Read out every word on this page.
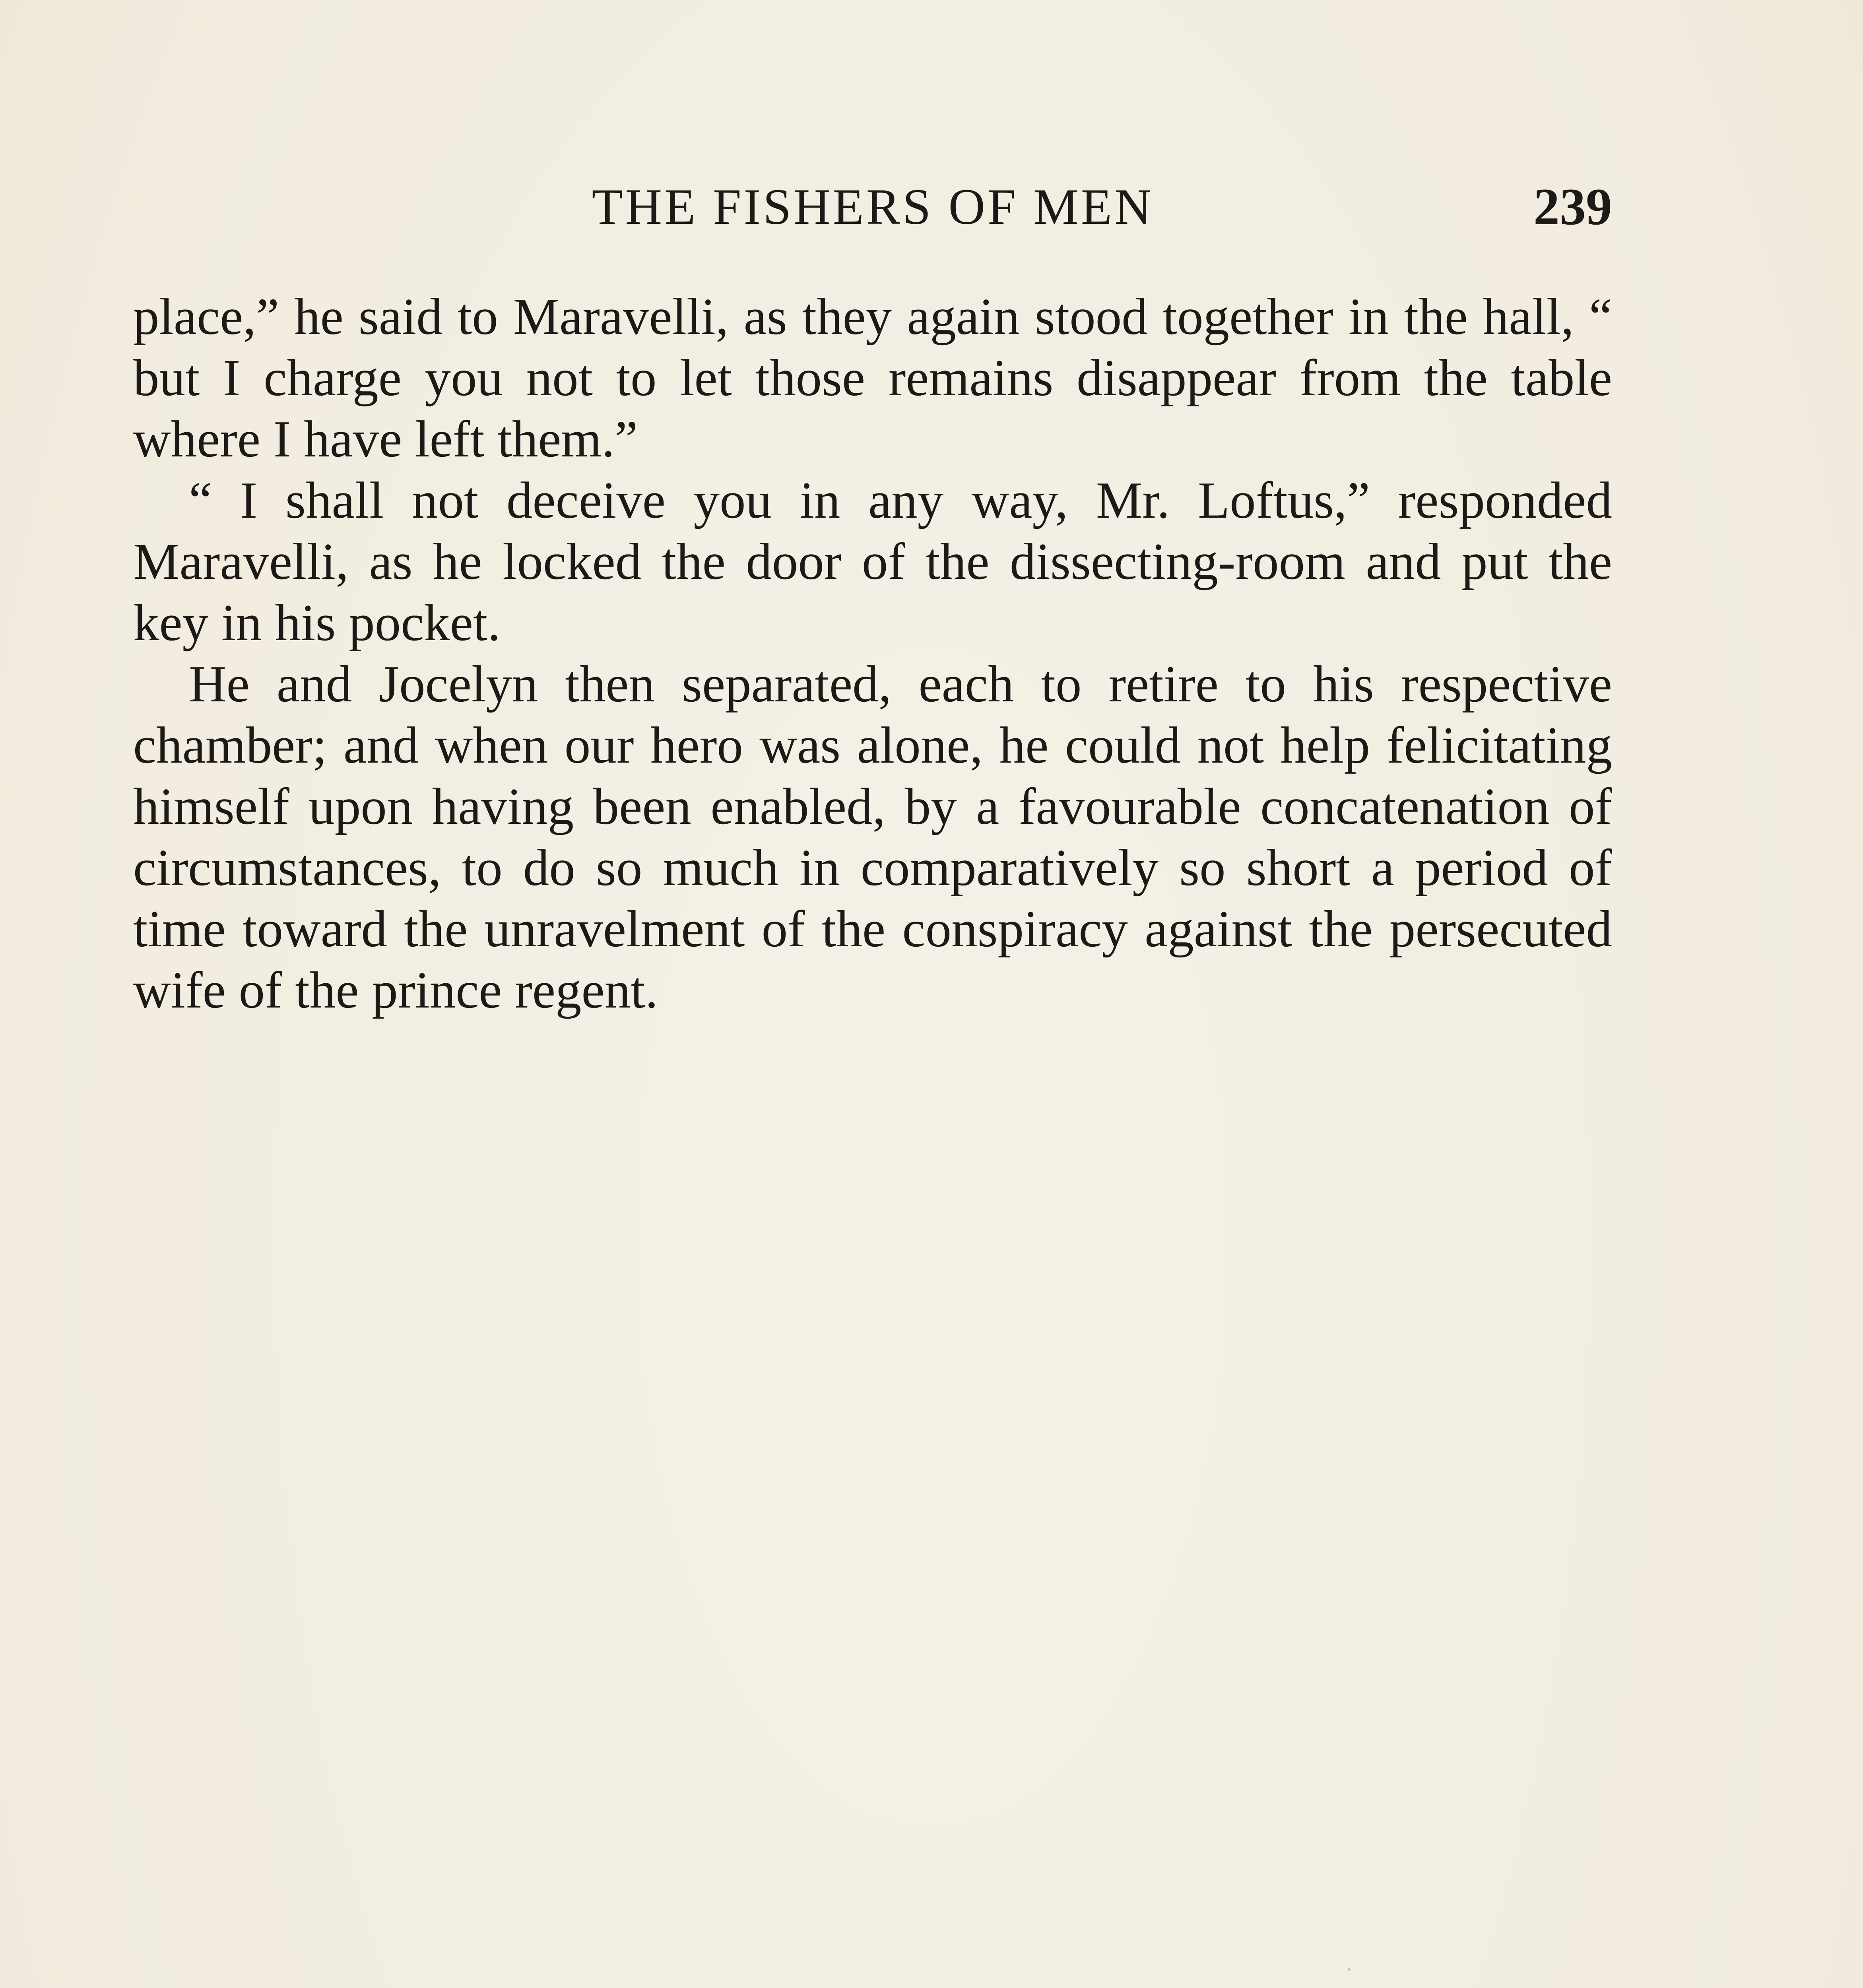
THE FISHERS OF MEN	239

place,” he said to Maravelli, as they again stood together in the hall, “ but I charge you not to let those remains disappear from the table where I have left them.”

“ I shall not deceive you in any way, Mr. Loftus,” responded Maravelli, as he locked the door of the dissecting-room and put the key in his pocket.

He and Jocelyn then separated, each to retire to his respective chamber; and when our hero was alone, he could not help felicitating himself upon having been enabled, by a favourable concatenation of circumstances, to do so much in comparatively so short a period of time toward the unravelment of the conspiracy against the persecuted wife of the prince regent.
